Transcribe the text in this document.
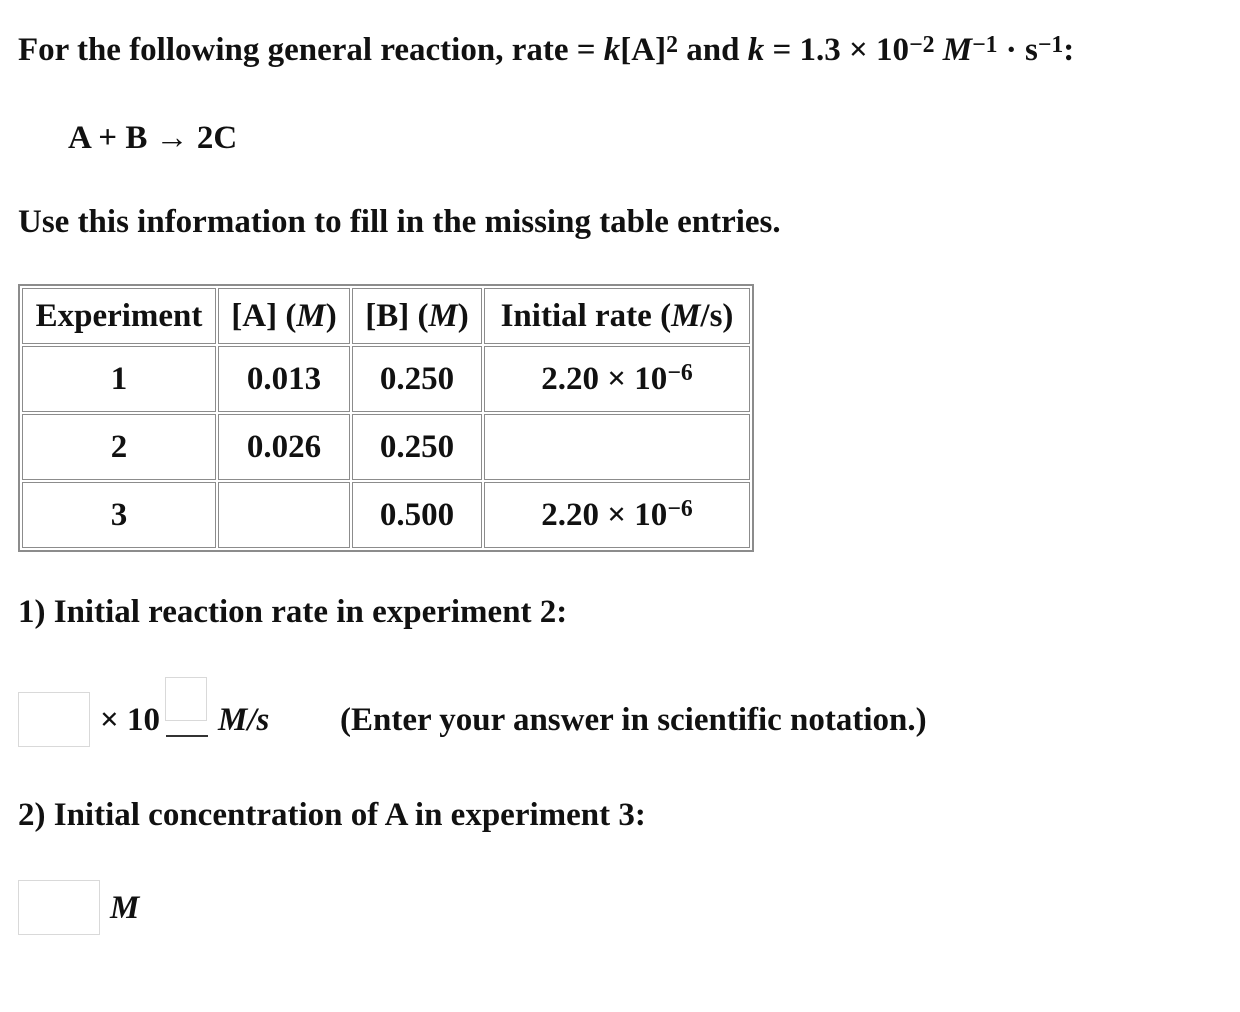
For the following general reaction, rate = $k[A]^2$ and $k = 1.3 \times 10^{-2}$ $M^{-1} \cdot s^{-1}$:
A + B → 2C
Use this information to fill in the missing table entries.
Experiment	[A] (M)	[B] (M)	Initial rate (M/s)
1	0.013	0.250	$2.20 \times 10^{-6}$
2	0.026	0.250	
3		0.500	$2.20 \times 10^{-6}$
1) Initial reaction rate in experiment 2:
× 10 M/s (Enter your answer in scientific notation.)
2) Initial concentration of A in experiment 3:
M
